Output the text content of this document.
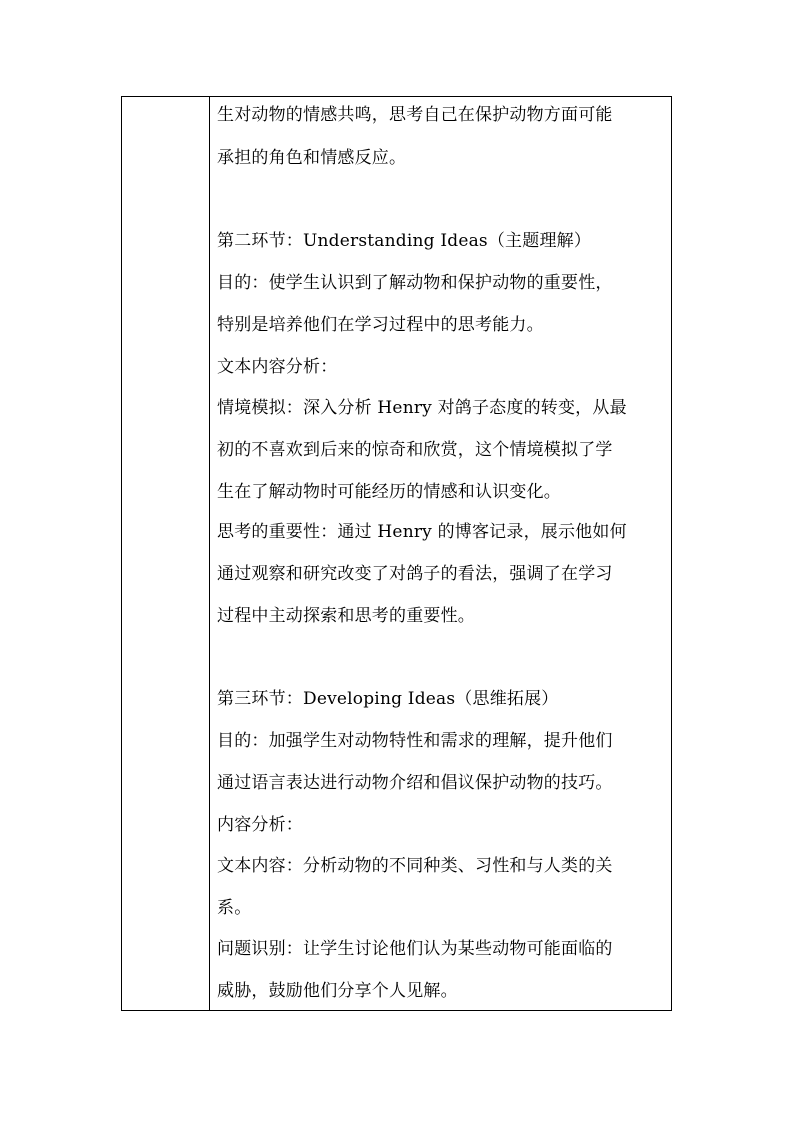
生对动物的情感共鸣，思考自己在保护动物方面可能
承担的角色和情感反应。
第二环节：Understanding Ideas（主题理解）
目的：使学生认识到了解动物和保护动物的重要性，
特别是培养他们在学习过程中的思考能力。
文本内容分析：
情境模拟：深入分析 Henry 对鸽子态度的转变，从最
初的不喜欢到后来的惊奇和欣赏，这个情境模拟了学
生在了解动物时可能经历的情感和认识变化。
思考的重要性：通过 Henry 的博客记录，展示他如何
通过观察和研究改变了对鸽子的看法，强调了在学习
过程中主动探索和思考的重要性。
第三环节：Developing Ideas（思维拓展）
目的：加强学生对动物特性和需求的理解，提升他们
通过语言表达进行动物介绍和倡议保护动物的技巧。
内容分析：
文本内容：分析动物的不同种类、习性和与人类的关
系。
问题识别：让学生讨论他们认为某些动物可能面临的
威胁，鼓励他们分享个人见解。
